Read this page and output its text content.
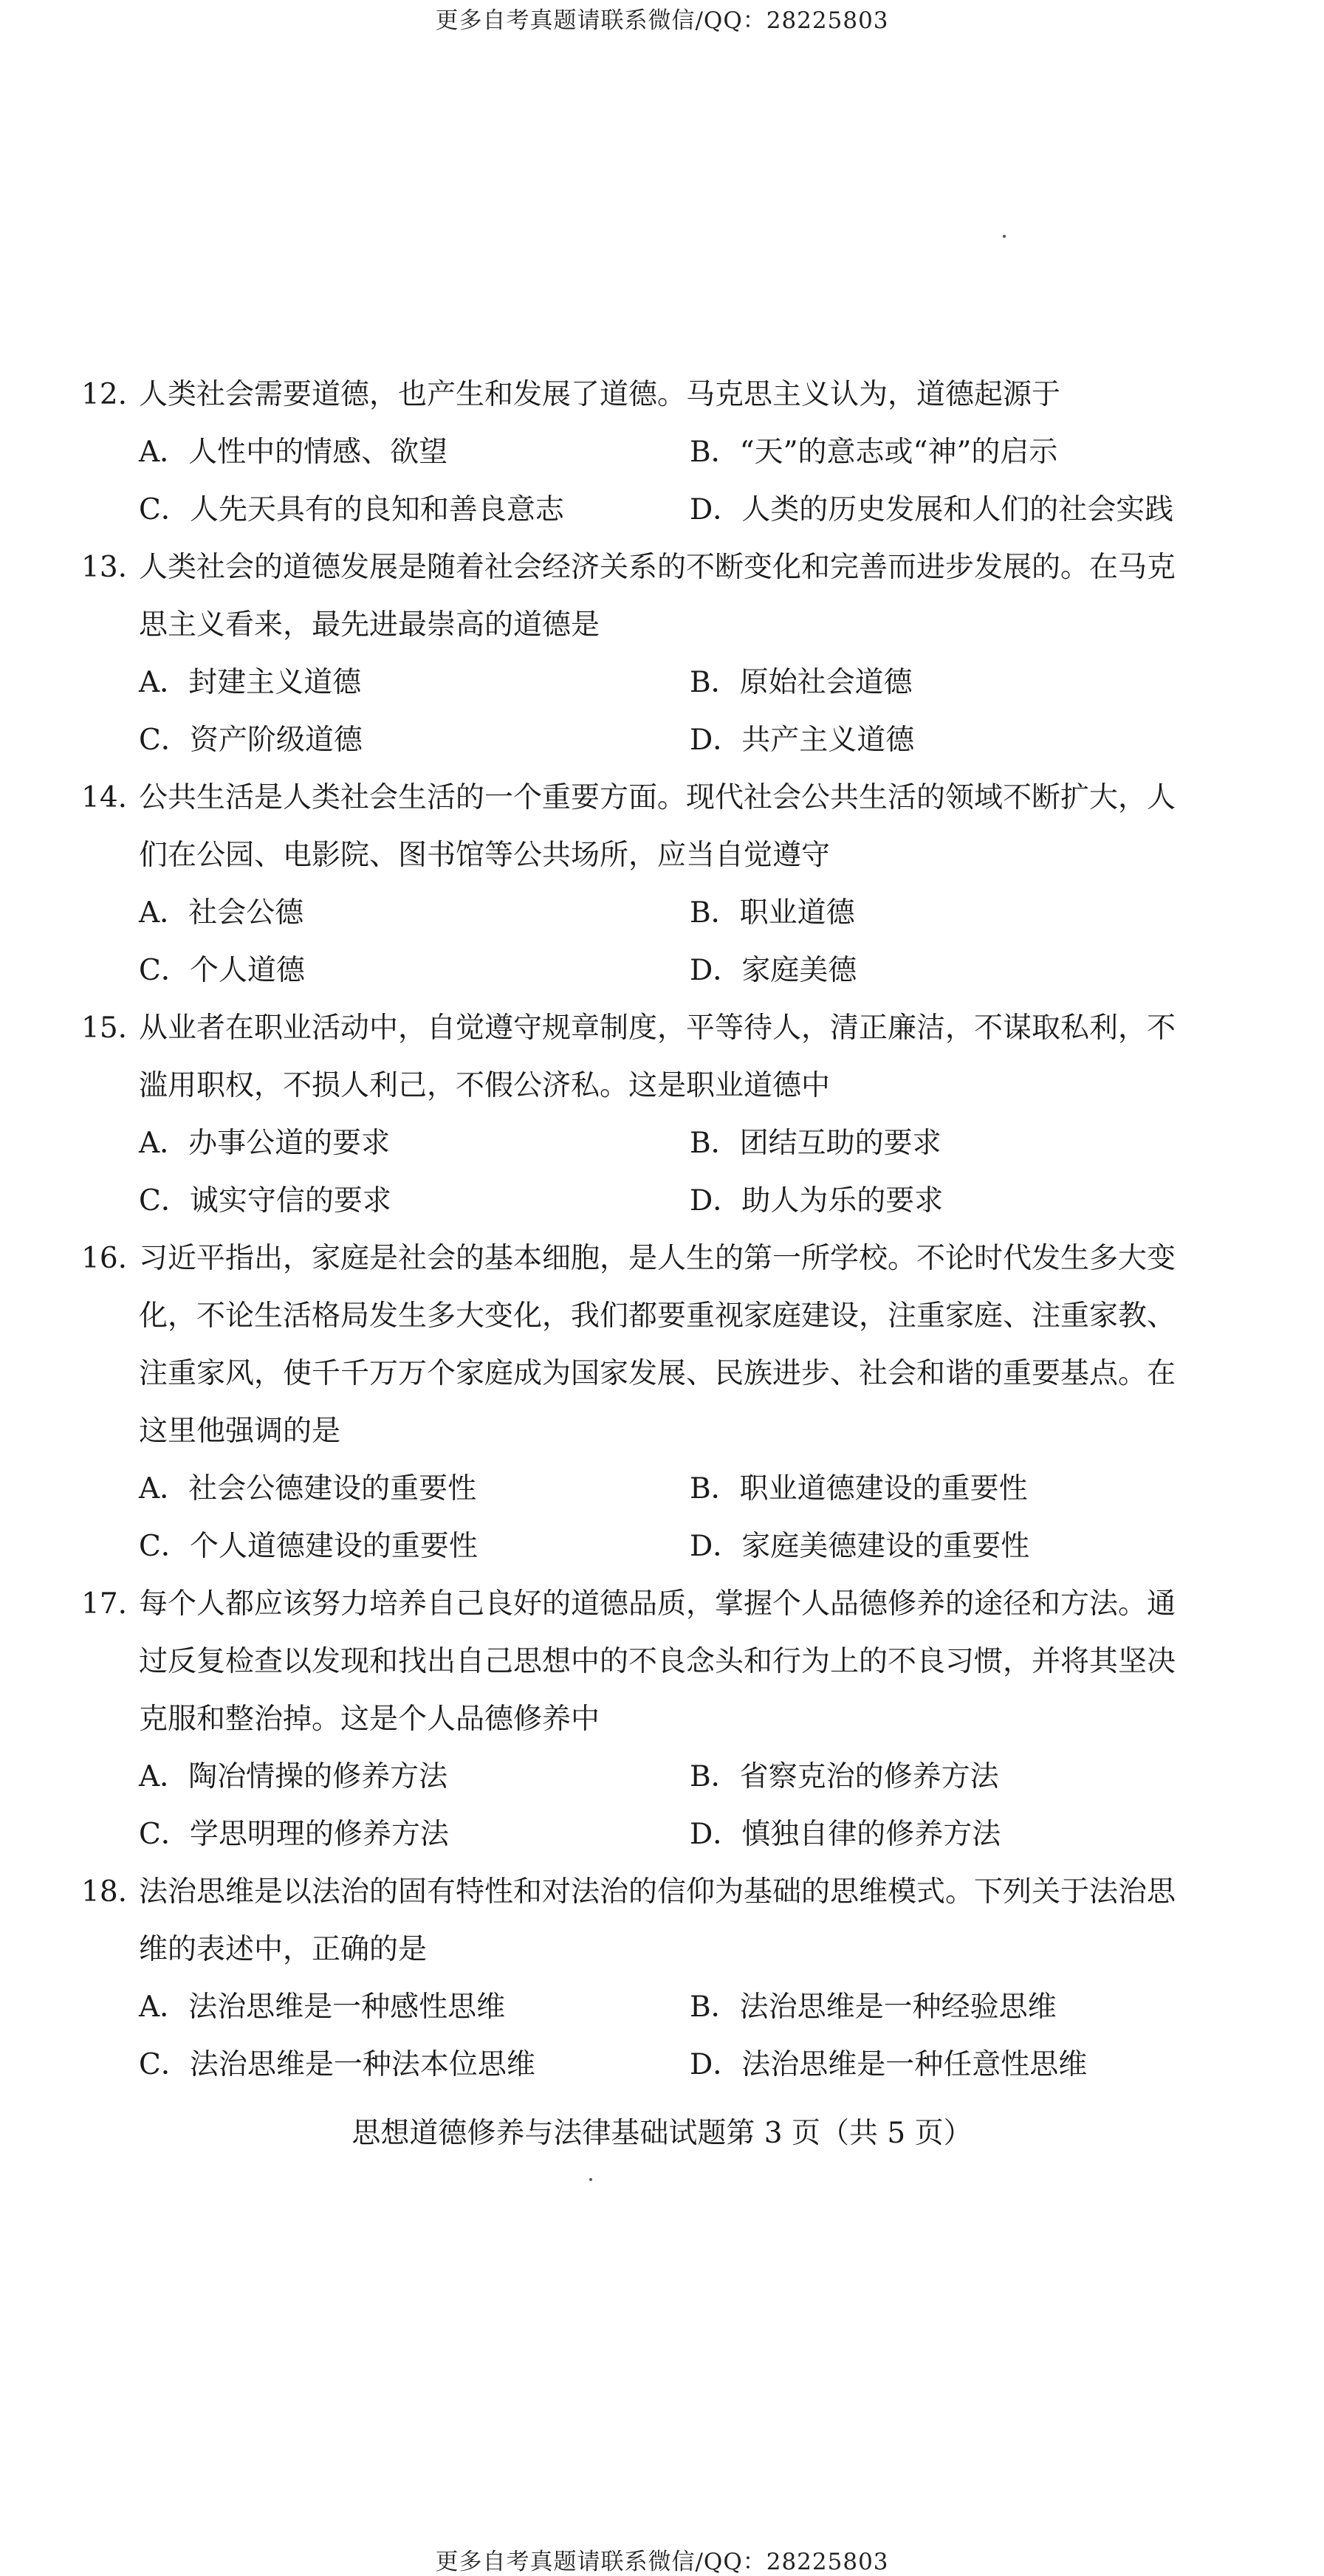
更多自考真题请联系微信/QQ：28225803
12. 人类社会需要道德，也产生和发展了道德。马克思主义认为，道德起源于
A．人性中的情感、欲望	B．“天”的意志或“神”的启示
C．人先天具有的良知和善良意志	D．人类的历史发展和人们的社会实践
13. 人类社会的道德发展是随着社会经济关系的不断变化和完善而进步发展的。在马克
思主义看来，最先进最崇高的道德是
A．封建主义道德	B．原始社会道德
C．资产阶级道德	D．共产主义道德
14. 公共生活是人类社会生活的一个重要方面。现代社会公共生活的领域不断扩大，人
们在公园、电影院、图书馆等公共场所，应当自觉遵守
A．社会公德	B．职业道德
C．个人道德	D．家庭美德
15. 从业者在职业活动中，自觉遵守规章制度，平等待人，清正廉洁，不谋取私利，不
滥用职权，不损人利己，不假公济私。这是职业道德中
A．办事公道的要求	B．团结互助的要求
C．诚实守信的要求	D．助人为乐的要求
16. 习近平指出，家庭是社会的基本细胞，是人生的第一所学校。不论时代发生多大变
化，不论生活格局发生多大变化，我们都要重视家庭建设，注重家庭、注重家教、
注重家风，使千千万万个家庭成为国家发展、民族进步、社会和谐的重要基点。在
这里他强调的是
A．社会公德建设的重要性	B．职业道德建设的重要性
C．个人道德建设的重要性	D．家庭美德建设的重要性
17. 每个人都应该努力培养自己良好的道德品质，掌握个人品德修养的途径和方法。通
过反复检查以发现和找出自己思想中的不良念头和行为上的不良习惯，并将其坚决
克服和整治掉。这是个人品德修养中
A．陶冶情操的修养方法	B．省察克治的修养方法
C．学思明理的修养方法	D．慎独自律的修养方法
18. 法治思维是以法治的固有特性和对法治的信仰为基础的思维模式。下列关于法治思
维的表述中，正确的是
A．法治思维是一种感性思维	B．法治思维是一种经验思维
C．法治思维是一种法本位思维	D．法治思维是一种任意性思维
思想道德修养与法律基础试题第 3 页（共 5 页）
更多自考真题请联系微信/QQ：28225803
